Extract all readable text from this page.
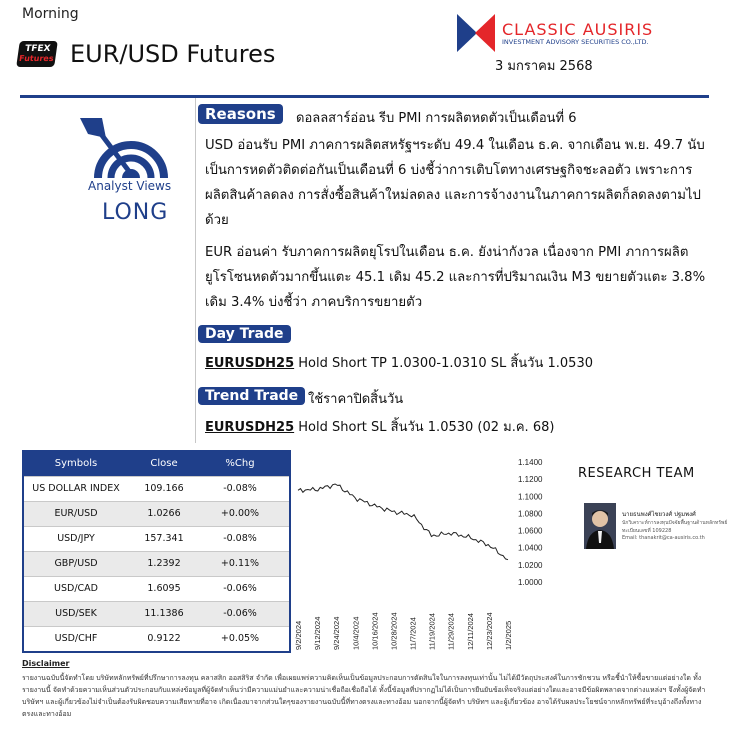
Morning
TFEX
Futures EUR/USD Futures
CLASSIC AUSIRIS
INVESTMENT ADVISORY SECURITIES CO.,LTD.
3 มกราคม 2568
Analyst Views
LONG
Reasons	ดอลลสาร์อ่อน รีบ PMI การผลิตหดตัวเป็นเดือนที่ 6
USD อ่อนรับ PMI ภาคการผลิตสหรัฐฯระดับ 49.4 ในเดือน ธ.ค. จากเดือน พ.ย. 49.7 นับเป็นการหดตัวติดต่อกันเป็นเดือนที่ 6 บ่งชี้ว่าการเติบโตทางเศรษฐกิจชะลอตัว เพราะการผลิตสินค้าลดลง การสั่งซื้อสินค้าใหม่ลดลง และการจ้างงานในภาคการผลิตก็ลดลงตามไปด้วย
EUR อ่อนค่า รับภาคการผลิตยุโรปในเดือน ธ.ค. ยังน่ากังวล เนื่องจาก PMI ภาการผลิตยูโรโซนหดตัวมากขึ้นแตะ 45.1 เดิม 45.2 และการที่ปริมาณเงิน M3 ขยายตัวแตะ 3.8% เดิม 3.4% บ่งชี้ว่า ภาคบริการขยายตัว
Day Trade
EURUSDH25 Hold Short TP 1.0300-1.0310 SL สิ้นวัน 1.0530
Trend Trade ใช้ราคาปิดสิ้นวัน
EURUSDH25 Hold Short SL สิ้นวัน 1.0530 (02 ม.ค. 68)
Symbols	Close	%Chg
US DOLLAR INDEX	109.166	-0.08%
EUR/USD	1.0266	+0.00%
USD/JPY	157.341	-0.08%
GBP/USD	1.2392	+0.11%
USD/CAD	1.6095	-0.06%
USD/SEK	11.1386	-0.06%
USD/CHF	0.9122	+0.05%
1.1400
1.1200
1.1000
1.0800
1.0600
1.0400
1.0200
1.0000
9/2/2024 9/12/2024 9/24/2024 10/4/2024 10/16/2024 10/28/2024 11/7/2024 11/19/2024 11/29/2024 12/11/2024 12/23/2024 1/2/2025
RESEARCH TEAM
นายธนพงศ์ไชยวงศ์ ปฐมพงศ์
นักวิเคราะห์การลงทุนปัจจัยพื้นฐานด้านหลักทรัพย์
ทะเบียนเลขที่ 109228
Email: thanakrit@ca-ausiris.co.th
Disclaimer
รายงานฉบับนี้จัดทำโดย บริษัทหลักทรัพย์ที่ปรึกษาการลงทุน คลาสสิก ออสสิริส จำกัด เพื่อเผยแพร่ความคิดเห็นเป็นข้อมูลประกอบการตัดสินใจในการลงทุนเท่านั้น ไม่ได้มีวัตถุประสงค์ในการชักชวน หรือชี้นำให้ซื้อขายแต่อย่างใด ทั้งรายงานนี้ จัดทำด้วยความเห็นส่วนตัวประกอบกับแหล่งข้อมูลที่ผู้จัดทำเห็นว่ามีความแม่นยำและความน่าเชื่อถือเชื่อถือได้ ทั้งนี้ข้อมูลที่ปรากฏไม่ได้เป็นการยืนยันข้อเท็จจริงแต่อย่างใดและอาจมีข้อผิดพลาดจากต่างแหล่งฯ จึงทั้งผู้จัดทำ บริษัทฯ และผู้เกี่ยวข้องไม่จำเป็นต้องรับผิดชอบความเสียหายที่อาจ เกิดเนื่องมาจากส่วนใดๆของรายงานฉบับนี้ที่ทางตรงและทางอ้อม นอกจากนี้ผู้จัดทำ บริษัทฯ และผู้เกี่ยวข้อง อาจได้รับผลประโยชน์จากหลักทรัพย์ที่ระบุอ้างถึงทั้งทางตรงและทางอ้อม
